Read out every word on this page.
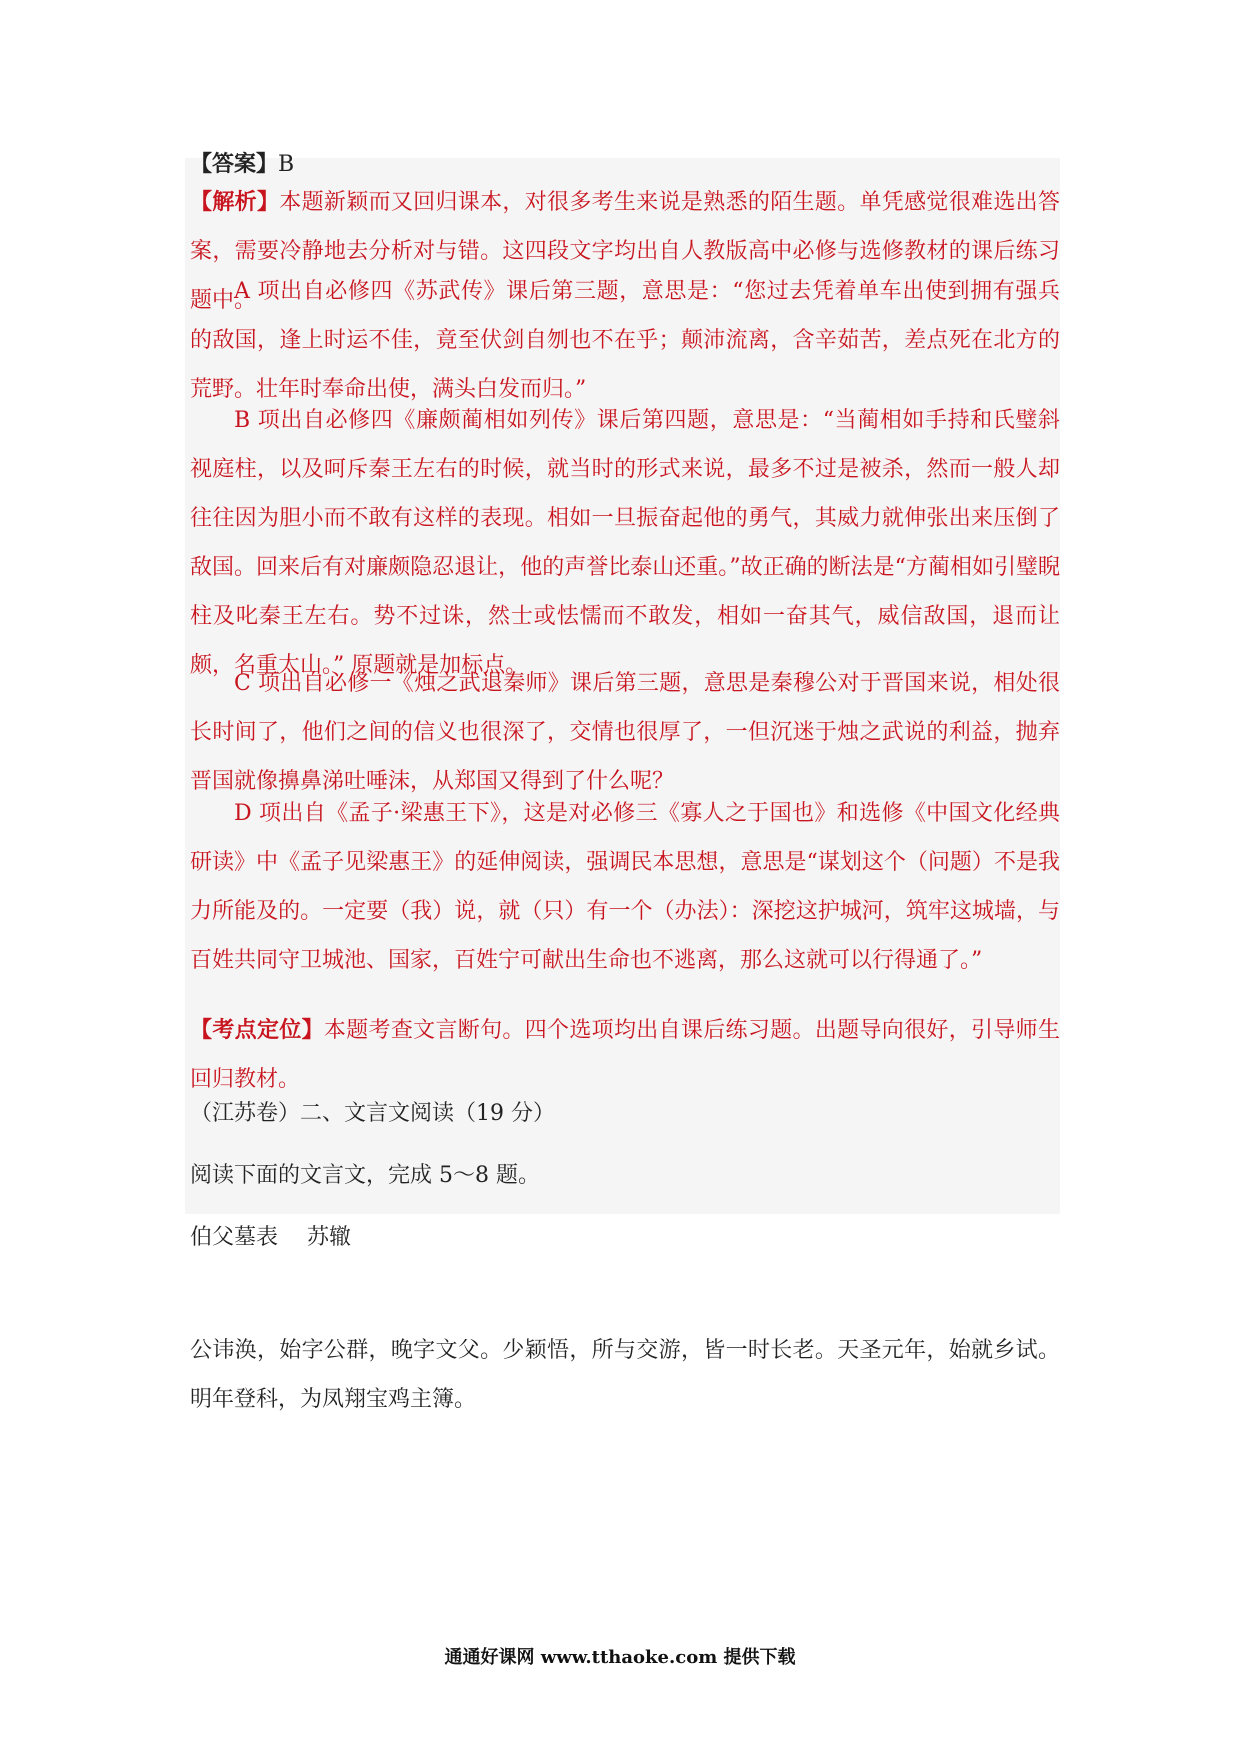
【答案】B

【解析】本题新颖而又回归课本，对很多考生来说是熟悉的陌生题。单凭感觉很难选出答案，需要冷静地去分析对与错。这四段文字均出自人教版高中必修与选修教材的课后练习题中。

A 项出自必修四《苏武传》课后第三题，意思是：“您过去凭着单车出使到拥有强兵的敌国，逢上时运不佳，竟至伏剑自刎也不在乎；颠沛流离，含辛茹苦，差点死在北方的荒野。壮年时奉命出使，满头白发而归。”

B 项出自必修四《廉颇蔺相如列传》课后第四题，意思是：“当蔺相如手持和氏璧斜视庭柱，以及呵斥秦王左右的时候，就当时的形式来说，最多不过是被杀，然而一般人却往往因为胆小而不敢有这样的表现。相如一旦振奋起他的勇气，其威力就伸张出来压倒了敌国。回来后有对廉颇隐忍退让，他的声誉比泰山还重。”故正确的断法是“方蔺相如引璧睨柱及叱秦王左右。势不过诛，然士或怯懦而不敢发，相如一奋其气，威信敌国，退而让颇，名重太山。” 原题就是加标点。

C 项出自必修一《烛之武退秦师》课后第三题，意思是秦穆公对于晋国来说，相处很长时间了，他们之间的信义也很深了，交情也很厚了，一但沉迷于烛之武说的利益，抛弃晋国就像擤鼻涕吐唾沫，从郑国又得到了什么呢？

D 项出自《孟子·梁惠王下》，这是对必修三《寡人之于国也》和选修《中国文化经典研读》中《孟子见梁惠王》的延伸阅读，强调民本思想，意思是“谋划这个（问题）不是我力所能及的。一定要（我）说，就（只）有一个（办法）：深挖这护城河，筑牢这城墙，与百姓共同守卫城池、国家，百姓宁可献出生命也不逃离，那么这就可以行得通了。”

【考点定位】本题考查文言断句。四个选项均出自课后练习题。出题导向很好，引导师生回归教材。

（江苏卷）二、文言文阅读（19 分）

阅读下面的文言文，完成 5～8 题。

伯父墓表　 苏辙

公讳涣，始字公群，晚字文父。少颖悟，所与交游，皆一时长老。天圣元年，始就乡试。明年登科，为凤翔宝鸡主簿。

通通好课网 www.tthaoke.com 提供下载
